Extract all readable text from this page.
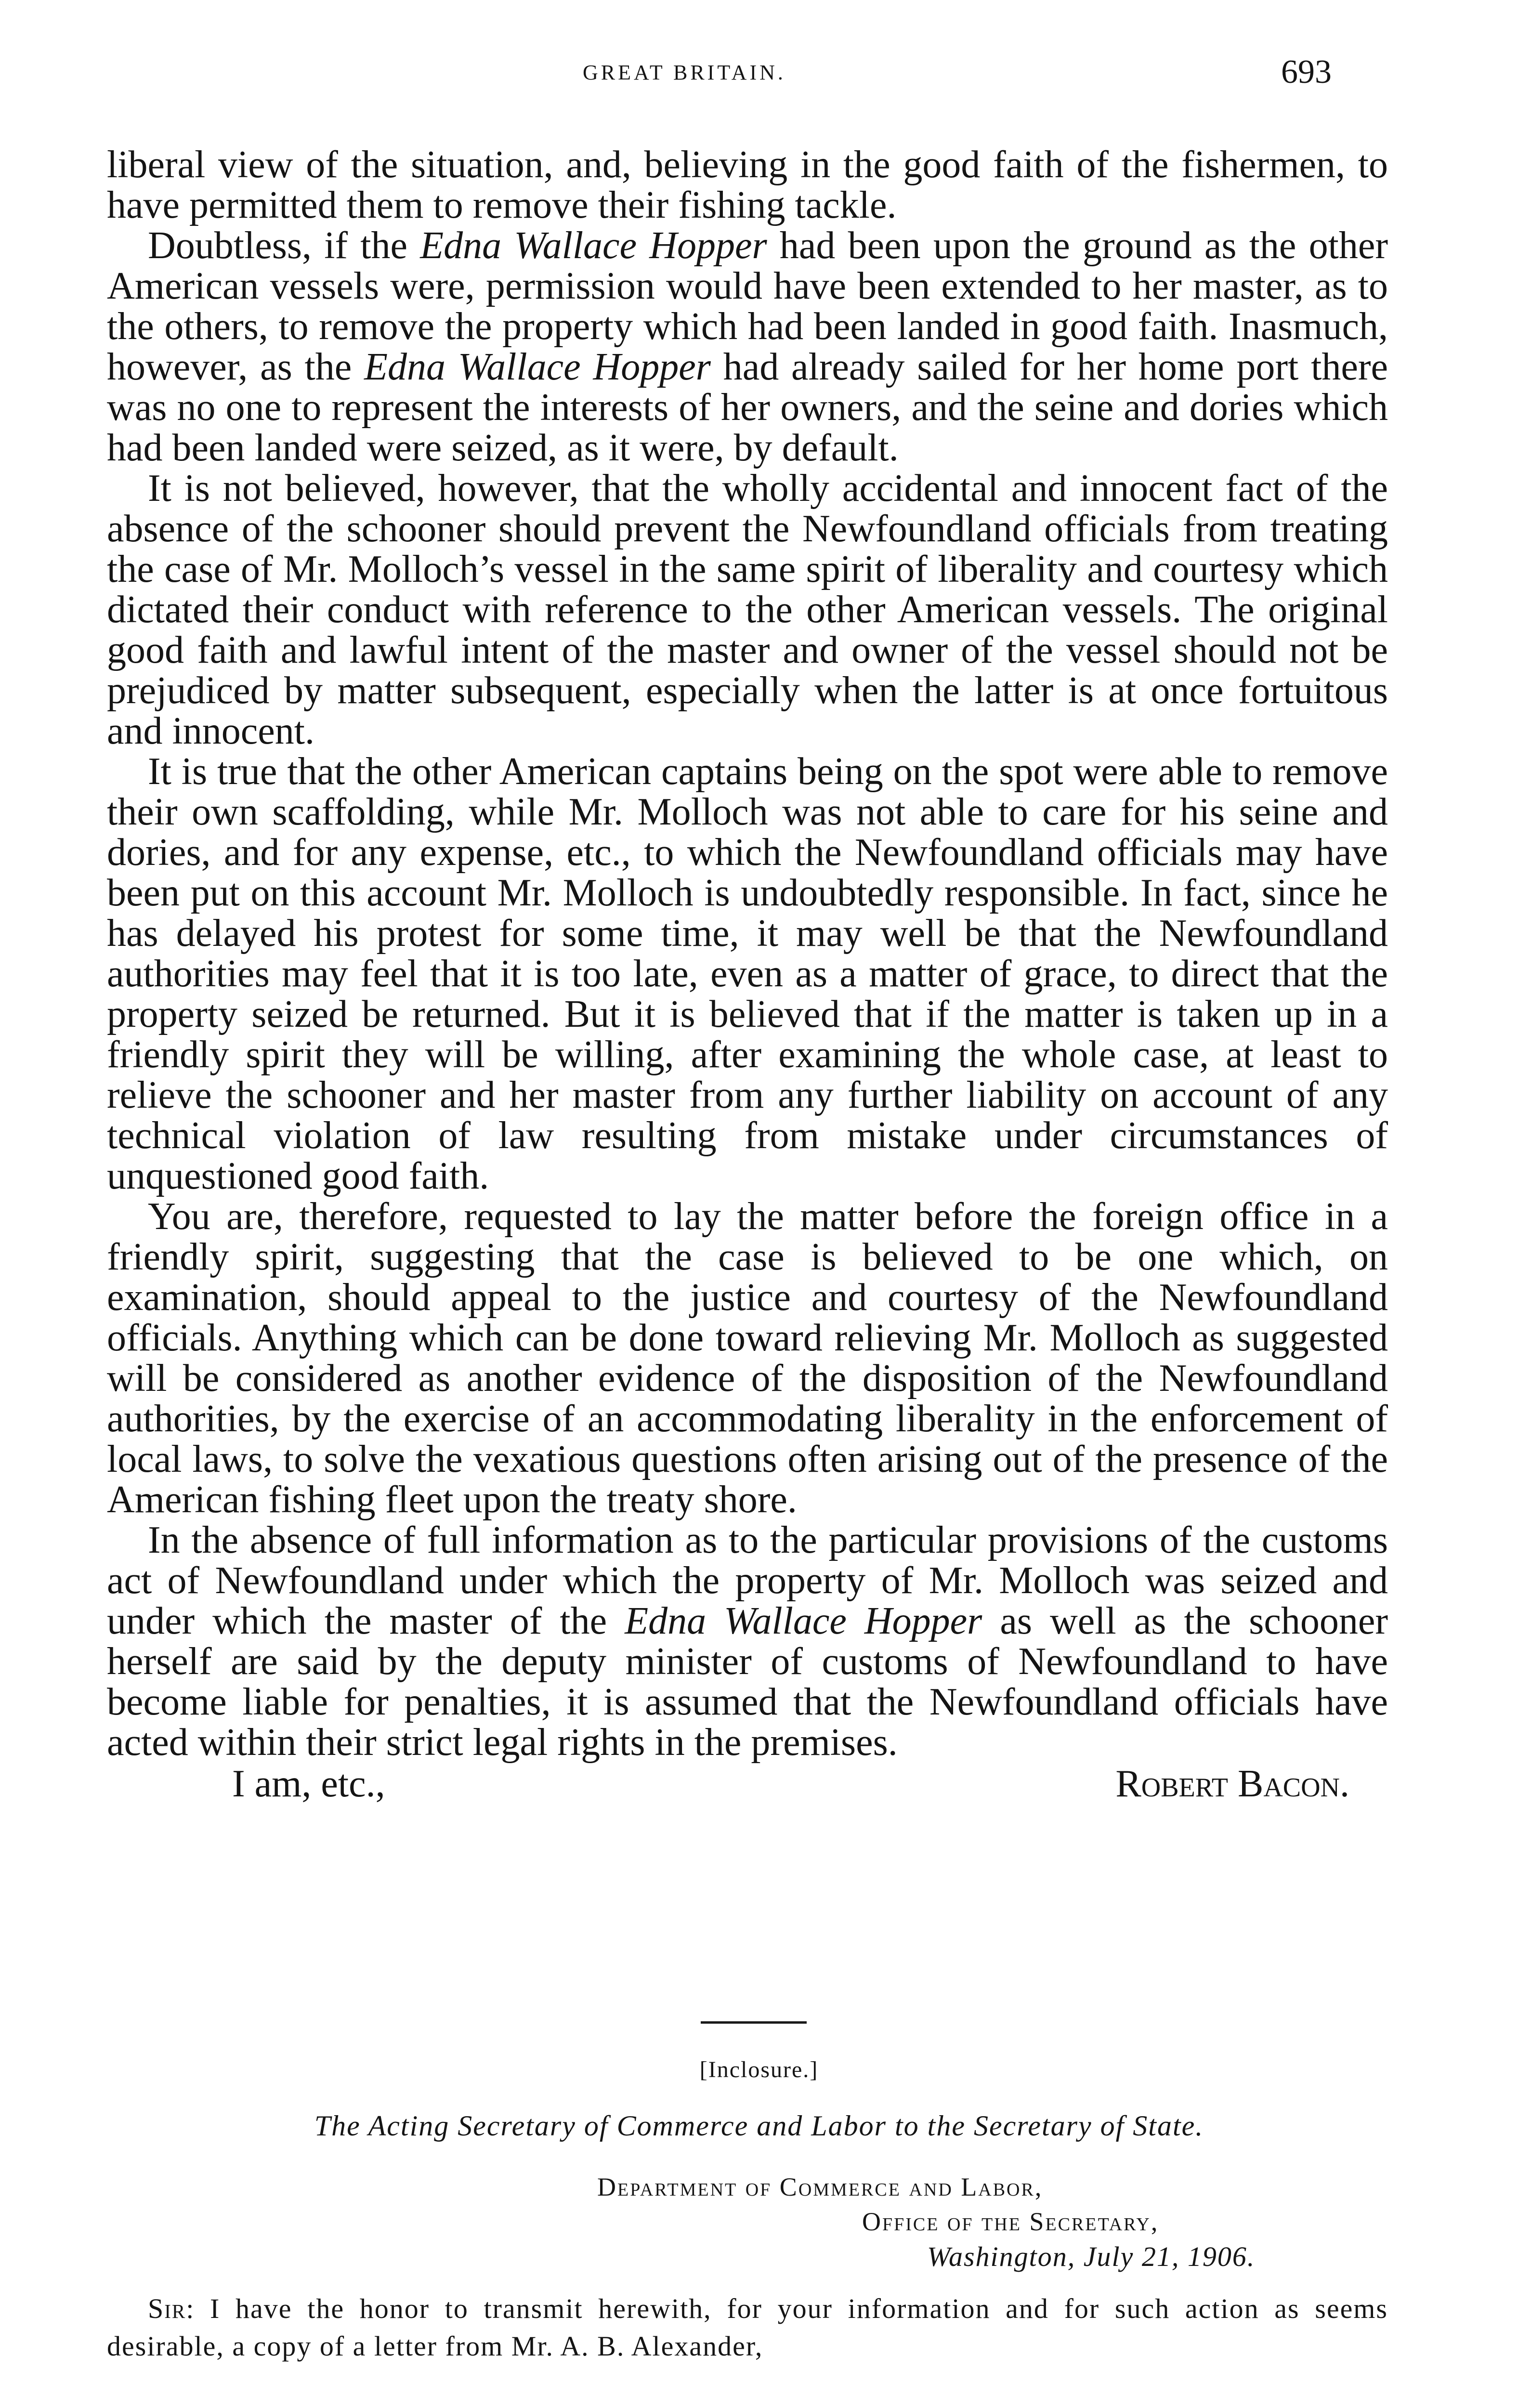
GREAT BRITAIN.	693

liberal view of the situation, and, believing in the good faith of the fishermen, to have permitted them to remove their fishing tackle.

Doubtless, if the Edna Wallace Hopper had been upon the ground as the other American vessels were, permission would have been extended to her master, as to the others, to remove the property which had been landed in good faith. Inasmuch, however, as the Edna Wallace Hopper had already sailed for her home port there was no one to represent the interests of her owners, and the seine and dories which had been landed were seized, as it were, by default.

It is not believed, however, that the wholly accidental and innocent fact of the absence of the schooner should prevent the Newfoundland officials from treating the case of Mr. Molloch’s vessel in the same spirit of liberality and courtesy which dictated their conduct with reference to the other American vessels. The original good faith and lawful intent of the master and owner of the vessel should not be prejudiced by matter subsequent, especially when the latter is at once fortuitous and innocent.

It is true that the other American captains being on the spot were able to remove their own scaffolding, while Mr. Molloch was not able to care for his seine and dories, and for any expense, etc., to which the Newfoundland officials may have been put on this account Mr. Molloch is undoubtedly responsible. In fact, since he has delayed his protest for some time, it may well be that the Newfoundland authorities may feel that it is too late, even as a matter of grace, to direct that the property seized be returned. But it is believed that if the matter is taken up in a friendly spirit they will be willing, after examining the whole case, at least to relieve the schooner and her master from any further liability on account of any technical violation of law resulting from mistake under circumstances of unquestioned good faith.

You are, therefore, requested to lay the matter before the foreign office in a friendly spirit, suggesting that the case is believed to be one which, on examination, should appeal to the justice and courtesy of the Newfoundland officials. Anything which can be done toward relieving Mr. Molloch as suggested will be considered as another evidence of the disposition of the Newfoundland authorities, by the exercise of an accommodating liberality in the enforcement of local laws, to solve the vexatious questions often arising out of the presence of the American fishing fleet upon the treaty shore.

In the absence of full information as to the particular provisions of the customs act of Newfoundland under which the property of Mr. Molloch was seized and under which the master of the Edna Wallace Hopper as well as the schooner herself are said by the deputy minister of customs of Newfoundland to have become liable for penalties, it is assumed that the Newfoundland officials have acted within their strict legal rights in the premises.

I am, etc.,	Robert Bacon.
[Inclosure.]
The Acting Secretary of Commerce and Labor to the Secretary of State.
Department of Commerce and Labor,
Office of the Secretary,
Washington, July 21, 1906.
Sir: I have the honor to transmit herewith, for your information and for such action as seems desirable, a copy of a letter from Mr. A. B. Alexander,
